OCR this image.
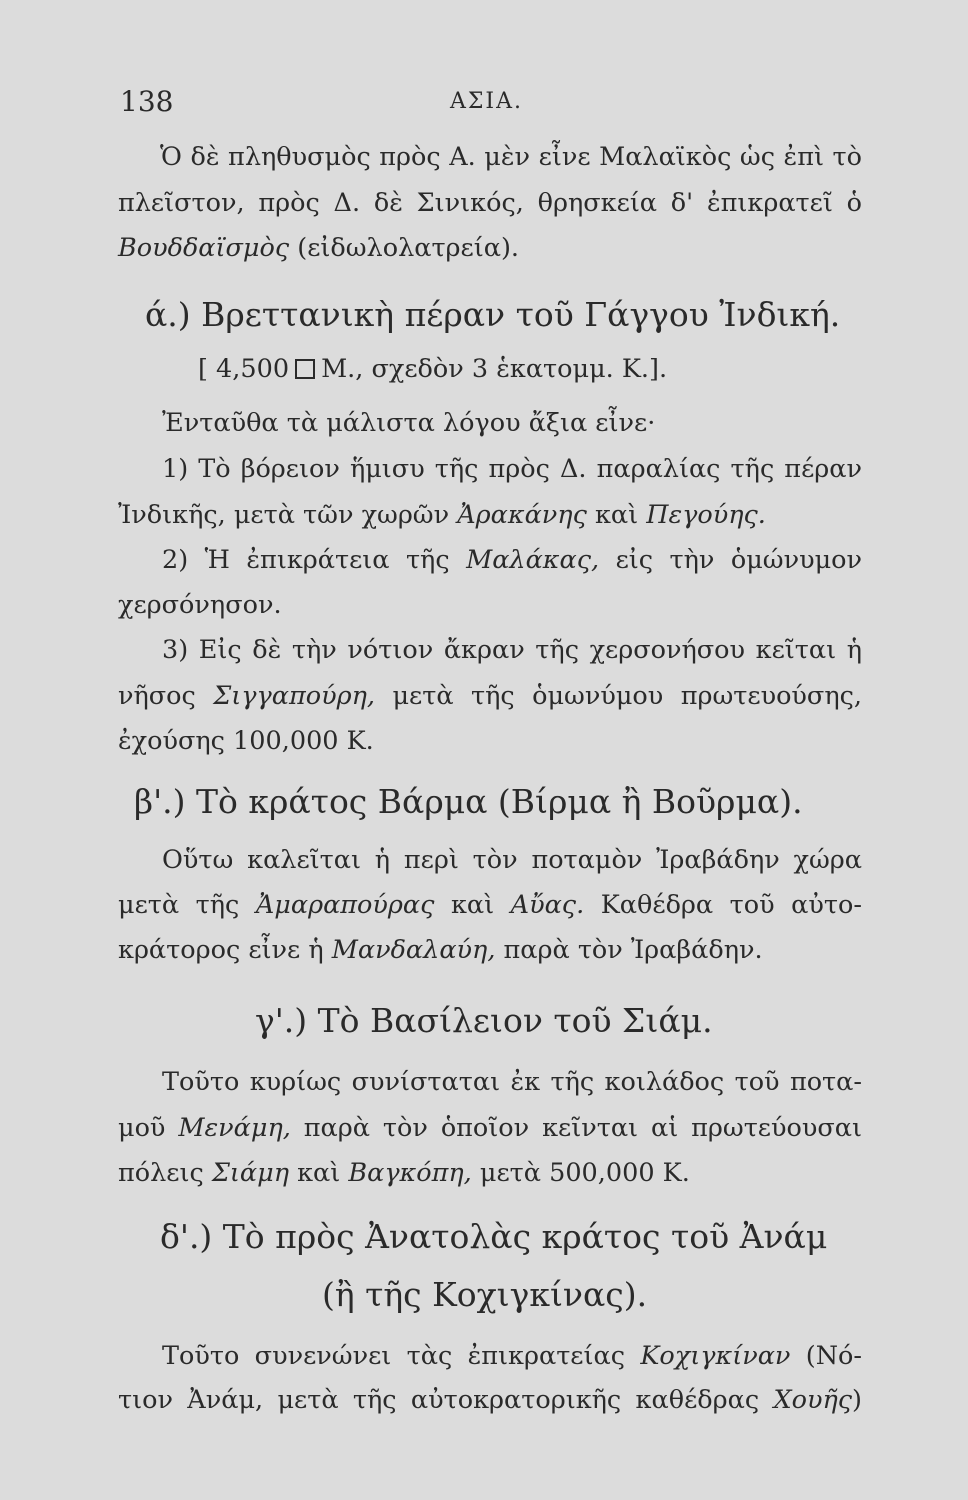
138	ΑΣΙΑ.
Ὁ δὲ πληθυσμὸς πρὸς Α. μὲν εἶνε Μαλαϊκὸς ὡς ἐπὶ τὸ
πλεῖστον, πρὸς Δ. δὲ Σινικός, θρησκεία δ' ἐπικρατεῖ ὁ
Βουδδαϊσμὸς (εἰδωλολατρεία).
ά.) Βρεττανικὴ πέραν τοῦ Γάγγου Ἰνδική.
[ 4,500 Μ., σχεδὸν 3 ἑκατομμ. Κ.].
Ἐνταῦθα τὰ μάλιστα λόγου ἄξια εἶνε·
1) Τὸ βόρειον ἥμισυ τῆς πρὸς Δ. παραλίας τῆς πέραν
Ἰνδικῆς, μετὰ τῶν χωρῶν Ἀρακάνης καὶ Πεγούης.
2) Ἡ ἐπικράτεια τῆς Μαλάκας, εἰς τὴν ὁμώνυμον
χερσόνησον.
3) Εἰς δὲ τὴν νότιον ἄκραν τῆς χερσονήσου κεῖται ἡ
νῆσος Σιγγαπούρη, μετὰ τῆς ὁμωνύμου πρωτευούσης,
ἐχούσης 100,000 Κ.
β'.) Τὸ κράτος Βάρμα (Βίρμα ἢ Βοῦρμα).
Οὕτω καλεῖται ἡ περὶ τὸν ποταμὸν Ἰραβάδην χώρα
μετὰ τῆς Ἀμαραπούρας καὶ Αὔας. Καθέδρα τοῦ αὐτο-
κράτορος εἶνε ἡ Μανδαλαύη, παρὰ τὸν Ἰραβάδην.
γ'.) Τὸ Βασίλειον τοῦ Σιάμ.
Τοῦτο κυρίως συνίσταται ἐκ τῆς κοιλάδος τοῦ ποτα-
μοῦ Μενάμη, παρὰ τὸν ὁποῖον κεῖνται αἱ πρωτεύουσαι
πόλεις Σιάμη καὶ Βαγκόπη, μετὰ 500,000 Κ.
δ'.) Τὸ πρὸς Ἀνατολὰς κράτος τοῦ Ἀνάμ
(ἢ τῆς Κοχιγκίνας).
Τοῦτο συνενώνει τὰς ἐπικρατείας Κοχιγκίναν (Νό-
τιον Ἀνάμ, μετὰ τῆς αὐτοκρατορικῆς καθέδρας Χουῆς)
